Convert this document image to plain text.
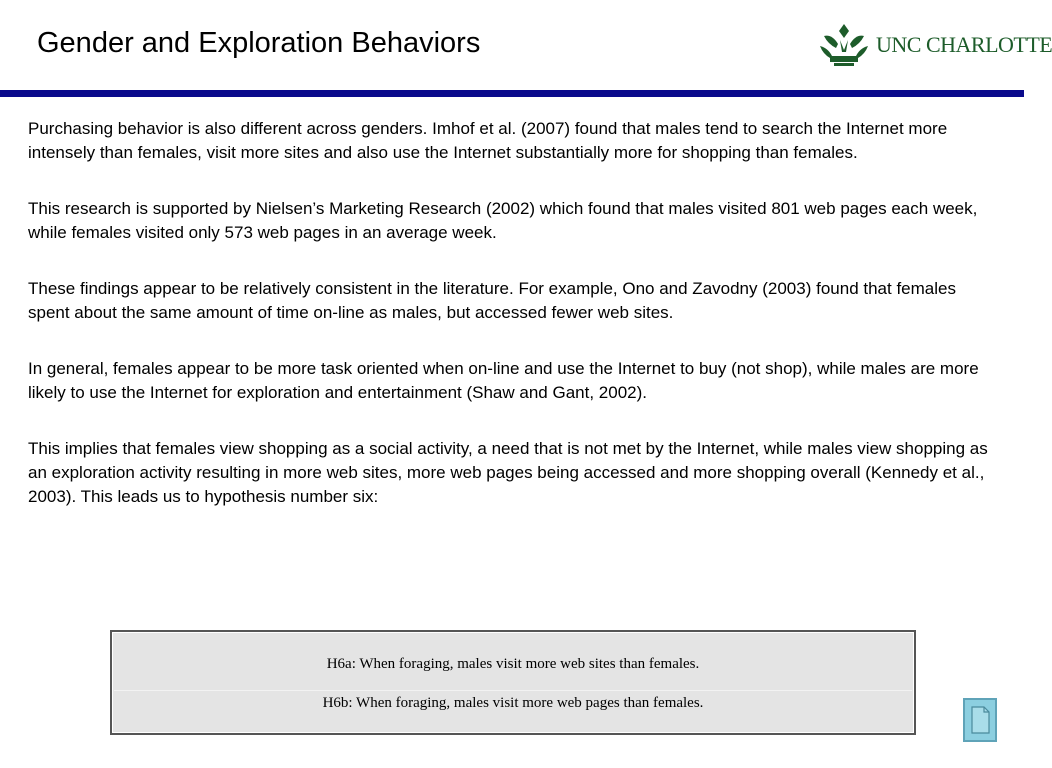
Gender and Exploration Behaviors	UNC CHARLOTTE

Purchasing behavior is also different across genders. Imhof et al. (2007) found that males tend to search the Internet more intensely than females, visit more sites and also use the Internet substantially more for shopping than females.

This research is supported by Nielsen’s Marketing Research (2002) which found that males visited 801 web pages each week, while females visited only 573 web pages in an average week.

These findings appear to be relatively consistent in the literature. For example, Ono and Zavodny (2003) found that females spent about the same amount of time on-line as males, but accessed fewer web sites.

In general, females appear to be more task oriented when on-line and use the Internet to buy (not shop), while males are more likely to use the Internet for exploration and entertainment (Shaw and Gant, 2002).

This implies that females view shopping as a social activity, a need that is not met by the Internet, while males view shopping as an exploration activity resulting in more web sites, more web pages being accessed and more shopping overall (Kennedy et al., 2003). This leads us to hypothesis number six:

H6a: When foraging, males visit more web sites than females.
H6b: When foraging, males visit more web pages than females.
